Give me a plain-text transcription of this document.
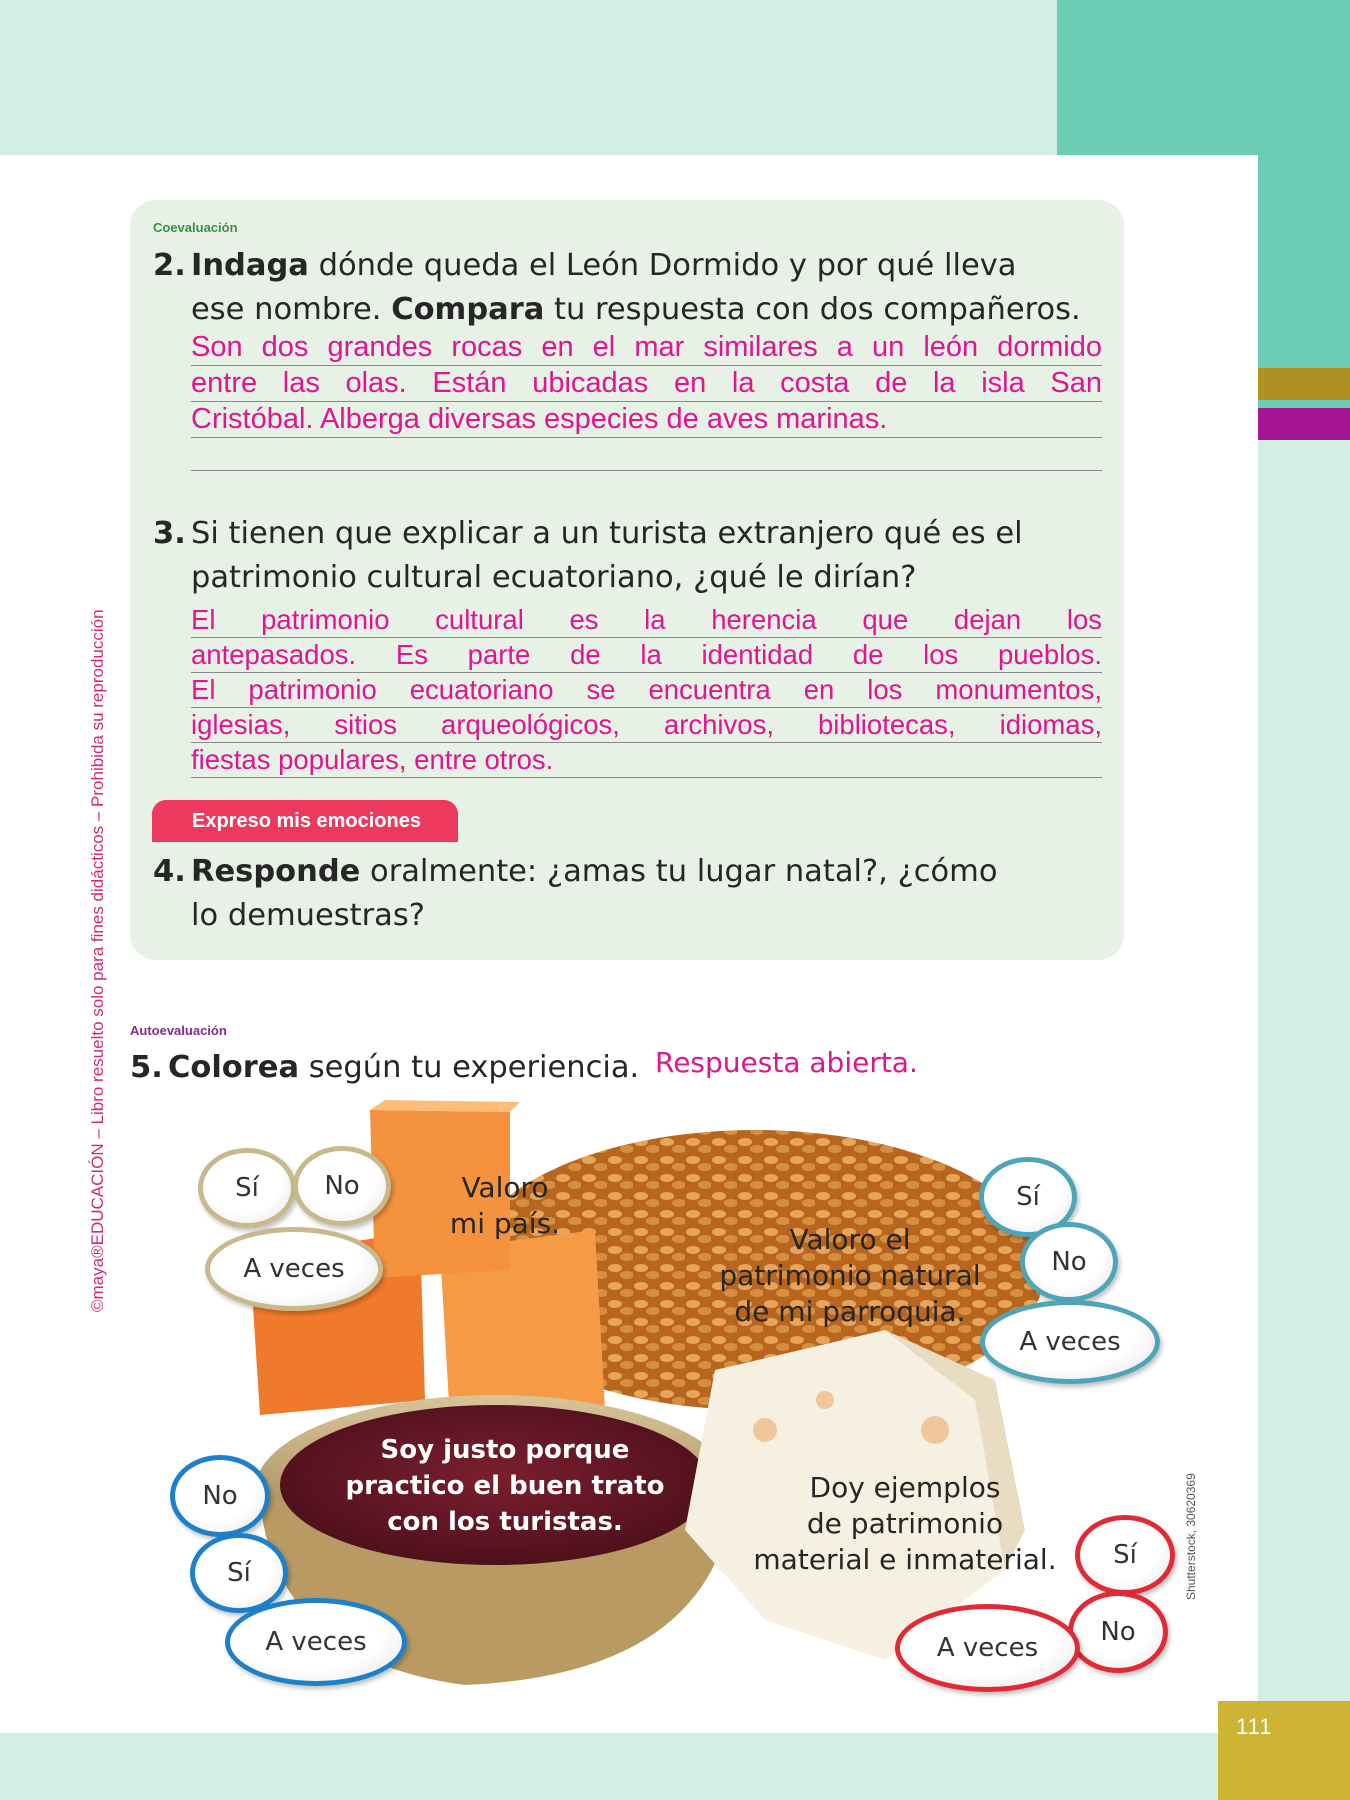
111
©maya®EDUCACIÓN – Libro resuelto solo para fines didácticos – Prohibida su reproducción
Shutterstock, 30620369
Coevaluación
2. Indaga dónde queda el León Dormido y por qué lleva
ese nombre. Compara tu respuesta con dos compañeros.
Son dos grandes rocas en el mar similares a un león dormido
entre las olas. Están ubicadas en la costa de la isla San
Cristóbal. Alberga diversas especies de aves marinas.
3. Si tienen que explicar a un turista extranjero qué es el
patrimonio cultural ecuatoriano, ¿qué le dirían?
El patrimonio cultural es la herencia que dejan los
antepasados. Es parte de la identidad de los pueblos.
El patrimonio ecuatoriano se encuentra en los monumentos,
iglesias, sitios arqueológicos, archivos, bibliotecas, idiomas,
fiestas populares, entre otros.
Expreso mis emociones
4. Responde oralmente: ¿amas tu lugar natal?, ¿cómo
lo demuestras?
Autoevaluación
5. Colorea según tu experiencia. Respuesta abierta.
Valoro
mi país.
Sí	No
A veces
Valoro el
patrimonio natural
de mi parroquia.
Sí
No
A veces
Soy justo porque
practico el buen trato
con los turistas.
No
Sí
A veces
Doy ejemplos
de patrimonio
material e inmaterial.	Sí
No
A veces
